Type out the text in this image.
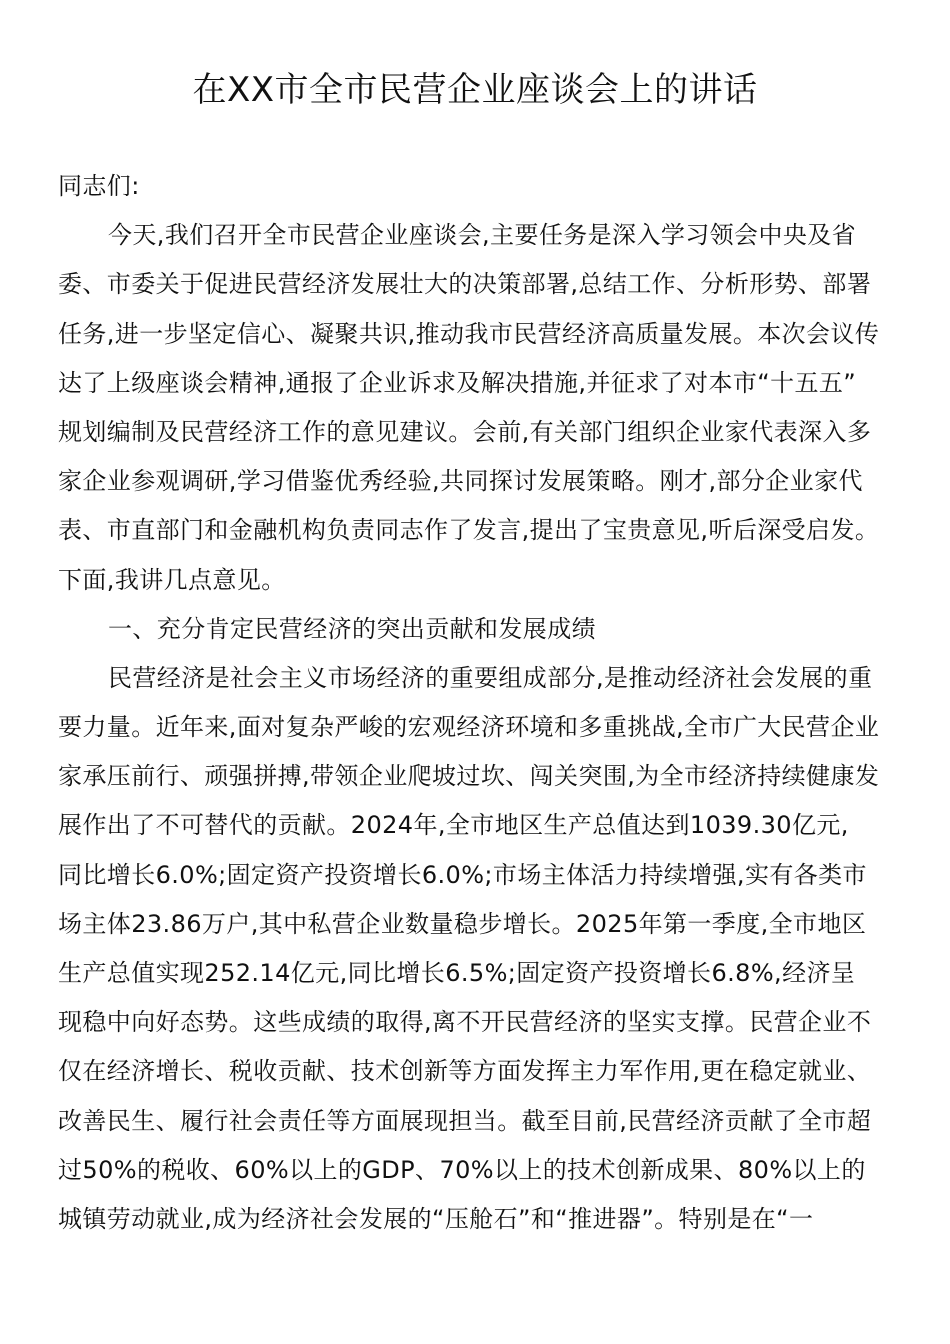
在XX市全市民营企业座谈会上的讲话
同志们:
今天,我们召开全市民营企业座谈会,主要任务是深入学习领会中央及省
委、市委关于促进民营经济发展壮大的决策部署,总结工作、分析形势、部署
任务,进一步坚定信心、凝聚共识,推动我市民营经济高质量发展。本次会议传
达了上级座谈会精神,通报了企业诉求及解决措施,并征求了对本市“十五五”
规划编制及民营经济工作的意见建议。会前,有关部门组织企业家代表深入多
家企业参观调研,学习借鉴优秀经验,共同探讨发展策略。刚才,部分企业家代
表、市直部门和金融机构负责同志作了发言,提出了宝贵意见,听后深受启发。
下面,我讲几点意见。
一、充分肯定民营经济的突出贡献和发展成绩
民营经济是社会主义市场经济的重要组成部分,是推动经济社会发展的重
要力量。近年来,面对复杂严峻的宏观经济环境和多重挑战,全市广大民营企业
家承压前行、顽强拼搏,带领企业爬坡过坎、闯关突围,为全市经济持续健康发
展作出了不可替代的贡献。2024年,全市地区生产总值达到1039.30亿元,
同比增长6.0%;固定资产投资增长6.0%;市场主体活力持续增强,实有各类市
场主体23.86万户,其中私营企业数量稳步增长。2025年第一季度,全市地区
生产总值实现252.14亿元,同比增长6.5%;固定资产投资增长6.8%,经济呈
现稳中向好态势。这些成绩的取得,离不开民营经济的坚实支撑。民营企业不
仅在经济增长、税收贡献、技术创新等方面发挥主力军作用,更在稳定就业、
改善民生、履行社会责任等方面展现担当。截至目前,民营经济贡献了全市超
过50%的税收、60%以上的GDP、70%以上的技术创新成果、80%以上的
城镇劳动就业,成为经济社会发展的“压舱石”和“推进器”。特别是在“一
